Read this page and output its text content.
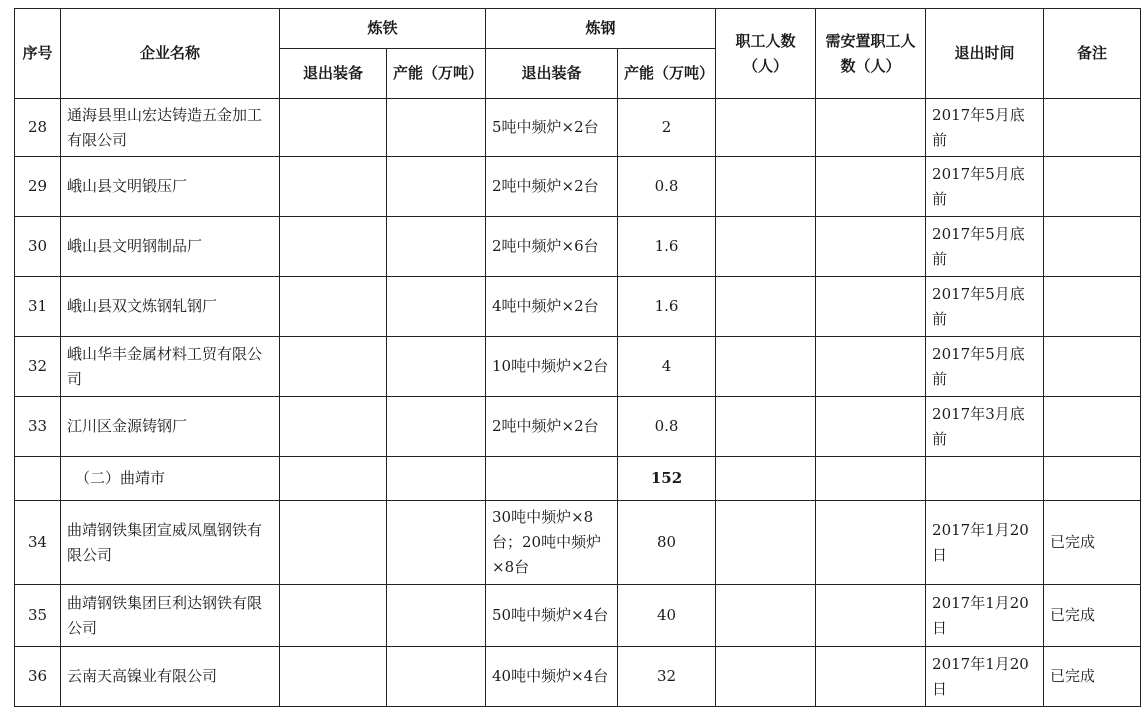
序号	企业名称	炼铁		炼钢		职工人数（人）	需安置职工人数（人）	退出时间	备注
		退出装备	产能（万吨）	退出装备	产能（万吨）				
28	通海县里山宏达铸造五金加工有限公司			5吨中频炉×2台	2			2017年5月底前	
29	峨山县文明锻压厂			2吨中频炉×2台	0.8			2017年5月底前	
30	峨山县文明钢制品厂			2吨中频炉×6台	1.6			2017年5月底前	
31	峨山县双文炼钢轧钢厂			4吨中频炉×2台	1.6			2017年5月底前	
32	峨山华丰金属材料工贸有限公司			10吨中频炉×2台	4			2017年5月底前	
33	江川区金源铸钢厂			2吨中频炉×2台	0.8			2017年3月底前	
	（二）曲靖市				152				
34	曲靖钢铁集团宣威凤凰钢铁有限公司			30吨中频炉×8台；20吨中频炉×8台	80			2017年1月20日	已完成
35	曲靖钢铁集团巨利达钢铁有限公司			50吨中频炉×4台	40			2017年1月20日	已完成
36	云南天高镍业有限公司			40吨中频炉×4台	32			2017年1月20日	已完成
